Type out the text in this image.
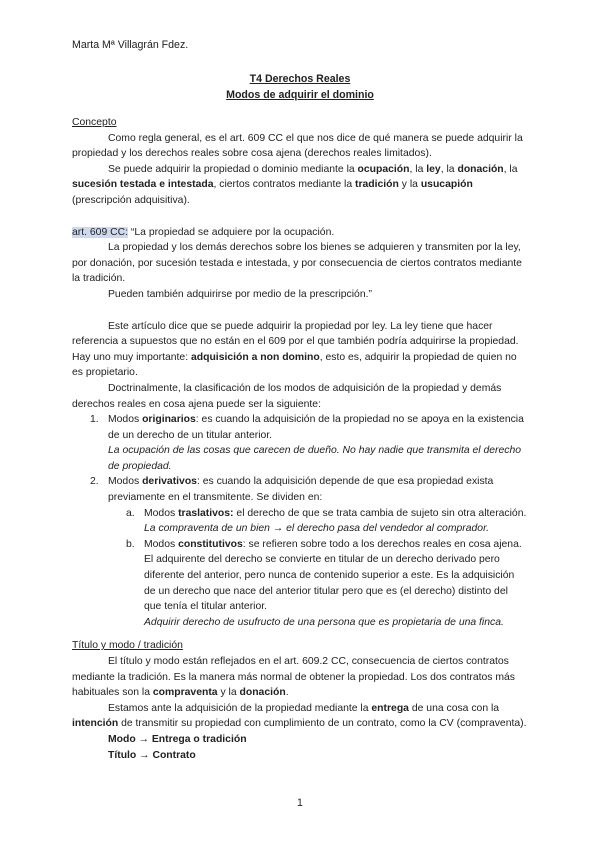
Marta Mª Villagrán Fdez.
T4 Derechos Reales
Modos de adquirir el dominio

Concepto

Como regla general, es el art. 609 CC el que nos dice de qué manera se puede adquirir la propiedad y los derechos reales sobre cosa ajena (derechos reales limitados).

Se puede adquirir la propiedad o dominio mediante la ocupación, la ley, la donación, la sucesión testada e intestada, ciertos contratos mediante la tradición y la usucapión (prescripción adquisitiva).

art. 609 CC: “La propiedad se adquiere por la ocupación.

La propiedad y los demás derechos sobre los bienes se adquieren y transmiten por la ley, por donación, por sucesión testada e intestada, y por consecuencia de ciertos contratos mediante la tradición.

Pueden también adquirirse por medio de la prescripción.”

Este artículo dice que se puede adquirir la propiedad por ley. La ley tiene que hacer referencia a supuestos que no están en el 609 por el que también podría adquirirse la propiedad. Hay uno muy importante: adquisición a non domino, esto es, adquirir la propiedad de quien no es propietario.

Doctrinalmente, la clasificación de los modos de adquisición de la propiedad y demás derechos reales en cosa ajena puede ser la siguiente:

1. Modos originarios: es cuando la adquisición de la propiedad no se apoya en la existencia de un derecho de un titular anterior.
La ocupación de las cosas que carecen de dueño. No hay nadie que transmita el derecho de propiedad.
2. Modos derivativos: es cuando la adquisición depende de que esa propiedad exista previamente en el transmitente. Se dividen en:
a. Modos traslativos: el derecho de que se trata cambia de sujeto sin otra alteración.
La compraventa de un bien → el derecho pasa del vendedor al comprador.
b. Modos constitutivos: se refieren sobre todo a los derechos reales en cosa ajena. El adquirente del derecho se convierte en titular de un derecho derivado pero diferente del anterior, pero nunca de contenido superior a este. Es la adquisición de un derecho que nace del anterior titular pero que es (el derecho) distinto del que tenía el titular anterior.
Adquirir derecho de usufructo de una persona que es propietaria de una finca.

Título y modo / tradición

El título y modo están reflejados en el art. 609.2 CC, consecuencia de ciertos contratos mediante la tradición. Es la manera más normal de obtener la propiedad. Los dos contratos más habituales son la compraventa y la donación.

Estamos ante la adquisición de la propiedad mediante la entrega de una cosa con la intención de transmitir su propiedad con cumplimiento de un contrato, como la CV (compraventa).

Modo → Entrega o tradición

Título → Contrato

1
